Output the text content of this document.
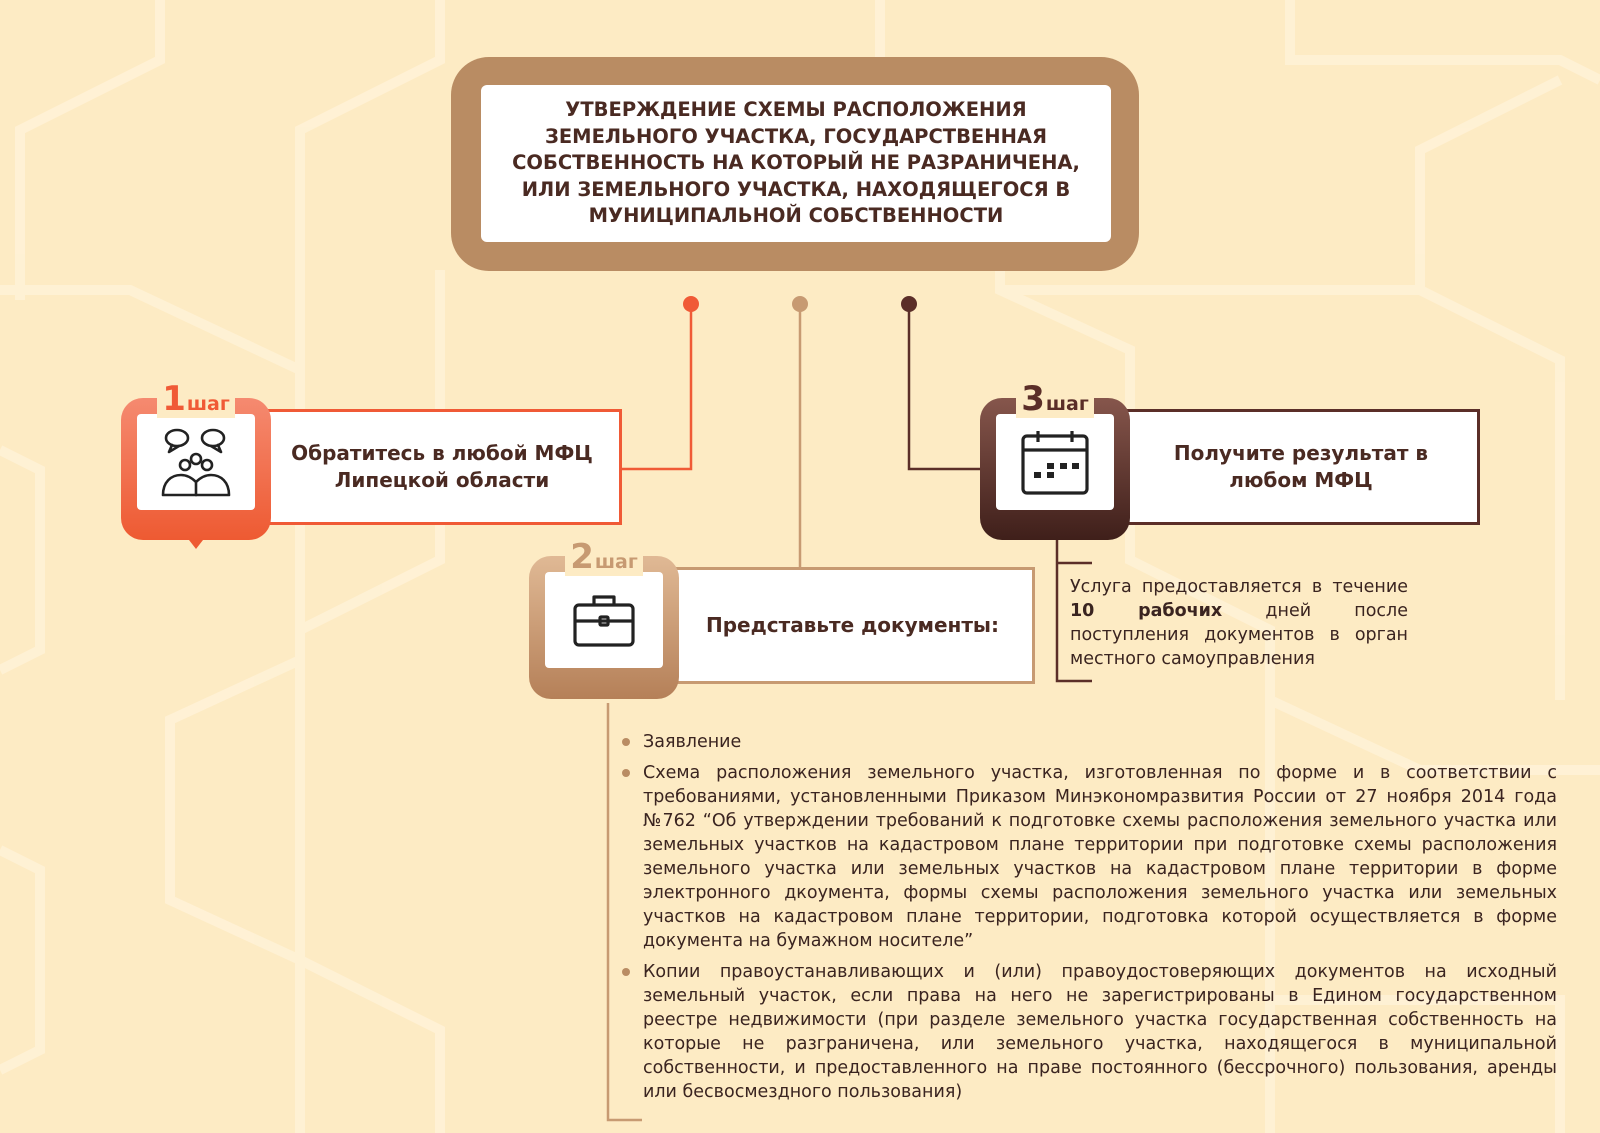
УТВЕРЖДЕНИЕ СХЕМЫ РАСПОЛОЖЕНИЯ ЗЕМЕЛЬНОГО УЧАСТКА, ГОСУДАРСТВЕННАЯ СОБСТВЕННОСТЬ НА КОТОРЫЙ НЕ РАЗРАНИЧЕНА, ИЛИ ЗЕМЕЛЬНОГО УЧАСТКА, НАХОДЯЩЕГОСЯ В МУНИЦИПАЛЬНОЙ СОБСТВЕННОСТИ
Обратитесь в любой МФЦ Липецкой области
1 шаг
Представьте документы:
2 шаг
Получите результат в любом МФЦ
3 шаг

Услуга предоставляется в течение 10 рабочих дней после поступления документов в орган местного самоуправления

Заявление
Схема расположения земельного участка, изготовленная по форме и в соответствии с требованиями, установленными Приказом Минэкономразвития России от 27 ноября 2014 года №762 “Об утверждении требований к подготовке схемы расположения земельного участка или земельных участков на кадастровом плане территории при подготовке схемы расположения земельного участка или земельных участков на кадастровом плане территории в форме электронного дкоумента, формы схемы расположения земельного участка или земельных участков на кадастровом плане территории, подготовка которой осуществляется в форме документа на бумажном носителе”
Копии правоустанавливающих и (или) правоудостоверяющих документов на исходный земельный участок, если права на него не зарегистрированы в Едином государственном реестре недвижимости (при разделе земельного участка государственная собственность на которые не разграничена, или земельного участка, находящегося в муниципальной собственности, и предоставленного на праве постоянного (бессрочного) пользования, аренды или бесвосмездного пользования)
